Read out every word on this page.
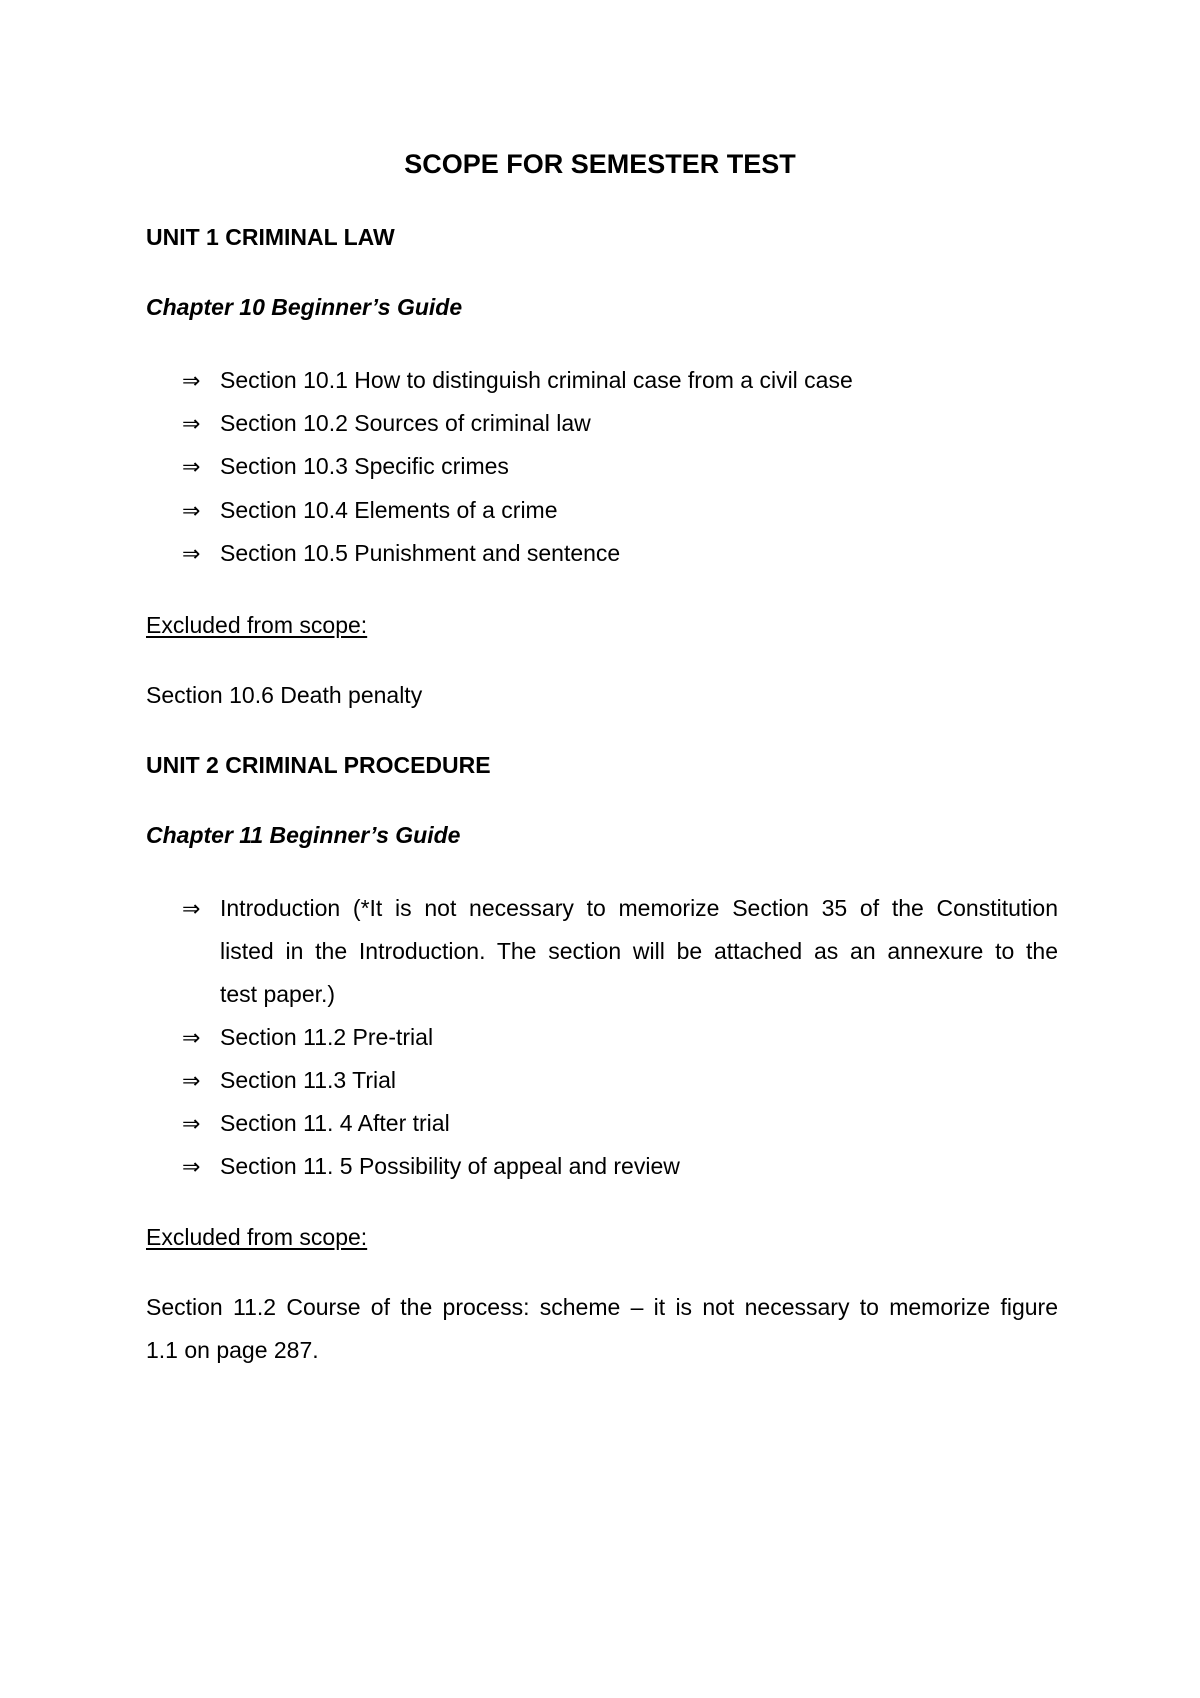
SCOPE FOR SEMESTER TEST
UNIT 1 CRIMINAL LAW
Chapter 10 Beginner’s Guide
⇒ Section 10.1 How to distinguish criminal case from a civil case
⇒ Section 10.2 Sources of criminal law
⇒ Section 10.3 Specific crimes
⇒ Section 10.4 Elements of a crime
⇒ Section 10.5 Punishment and sentence
Excluded from scope:
Section 10.6 Death penalty
UNIT 2 CRIMINAL PROCEDURE
Chapter 11 Beginner’s Guide
⇒ Introduction (*It is not necessary to memorize Section 35 of the Constitution
listed in the Introduction. The section will be attached as an annexure to the
test paper.)
⇒ Section 11.2 Pre-trial
⇒ Section 11.3 Trial
⇒ Section 11. 4 After trial
⇒ Section 11. 5 Possibility of appeal and review
Excluded from scope:
Section 11.2 Course of the process: scheme – it is not necessary to memorize figure
1.1 on page 287.
